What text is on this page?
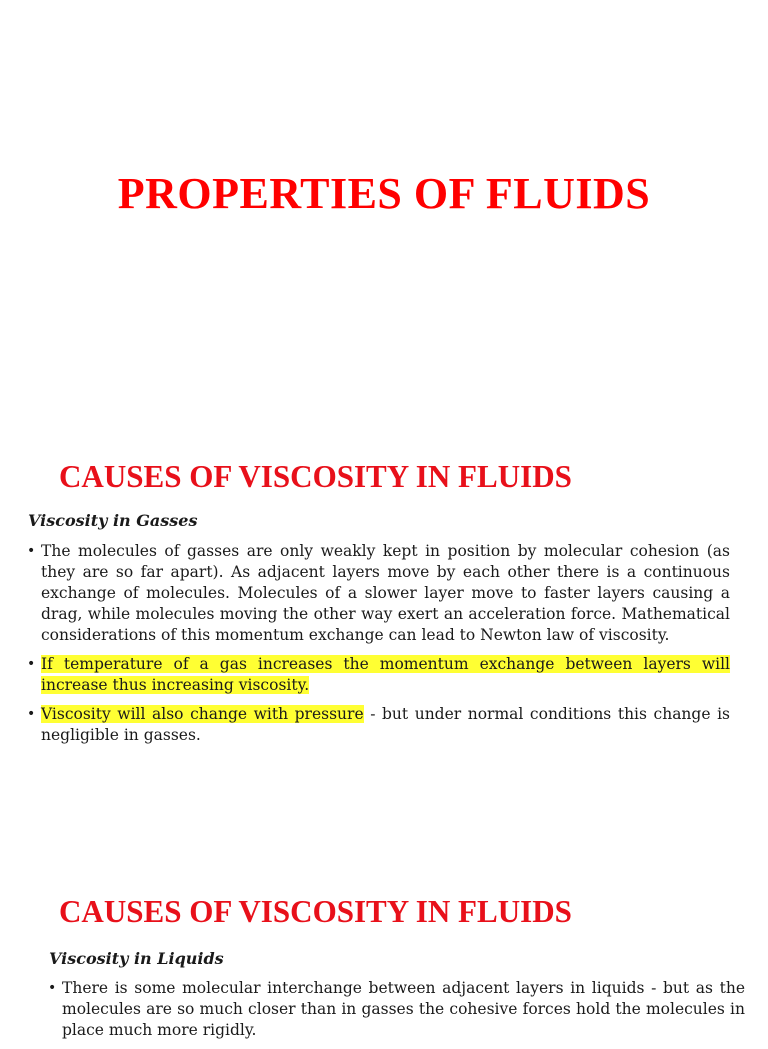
PROPERTIES OF FLUIDS
CAUSES OF VISCOSITY IN FLUIDS

Viscosity in Gasses

• The molecules of gasses are only weakly kept in position by molecular cohesion (as they are so far apart). As adjacent layers move by each other there is a continuous exchange of molecules. Molecules of a slower layer move to faster layers causing a drag, while molecules moving the other way exert an acceleration force. Mathematical considerations of this momentum exchange can lead to Newton law of viscosity.
• If temperature of a gas increases the momentum exchange between layers will increase thus increasing viscosity.
• Viscosity will also change with pressure - but under normal conditions this change is negligible in gasses.
CAUSES OF VISCOSITY IN FLUIDS

Viscosity in Liquids

• There is some molecular interchange between adjacent layers in liquids - but as the molecules are so much closer than in gasses the cohesive forces hold the molecules in place much more rigidly.
